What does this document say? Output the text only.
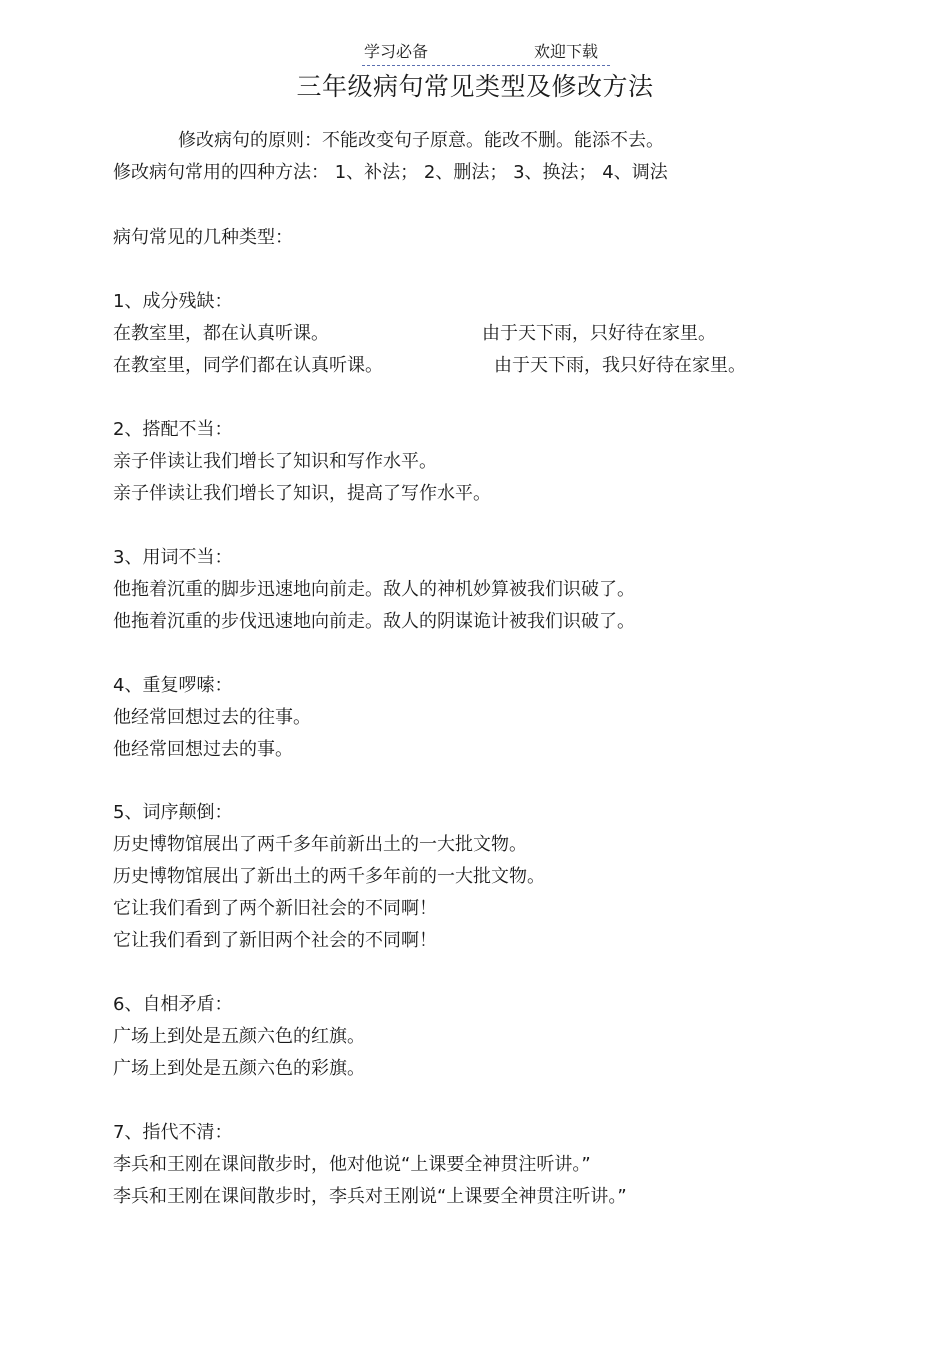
学习必备	欢迎下载
三年级病句常见类型及修改方法
修改病句的原则：不能改变句子原意。能改不删。能添不去。
修改病句常用的四种方法： 1、补法； 2、删法； 3、换法； 4、调法
病句常见的几种类型：
1、成分残缺：
在教室里，都在认真听课。	由于天下雨，只好待在家里。
在教室里，同学们都在认真听课。	由于天下雨，我只好待在家里。
2、搭配不当：
亲子伴读让我们增长了知识和写作水平。
亲子伴读让我们增长了知识，提高了写作水平。
3、用词不当：
他拖着沉重的脚步迅速地向前走。敌人的神机妙算被我们识破了。
他拖着沉重的步伐迅速地向前走。敌人的阴谋诡计被我们识破了。
4、重复啰嗦：
他经常回想过去的往事。
他经常回想过去的事。
5、词序颠倒：
历史博物馆展出了两千多年前新出土的一大批文物。
历史博物馆展出了新出土的两千多年前的一大批文物。
它让我们看到了两个新旧社会的不同啊！
它让我们看到了新旧两个社会的不同啊！
6、自相矛盾：
广场上到处是五颜六色的红旗。
广场上到处是五颜六色的彩旗。
7、指代不清：
李兵和王刚在课间散步时，他对他说“上课要全神贯注听讲。”
李兵和王刚在课间散步时，李兵对王刚说“上课要全神贯注听讲。”
